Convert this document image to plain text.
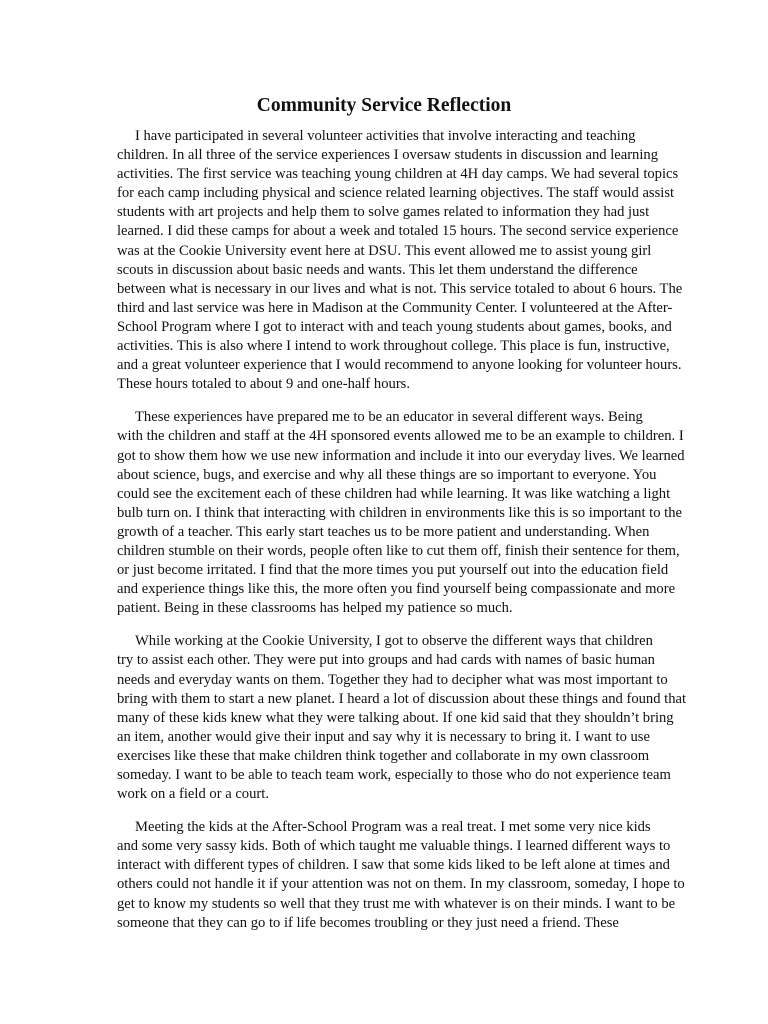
Community Service Reflection

I have participated in several volunteer activities that involve interacting and teaching
children. In all three of the service experiences I oversaw students in discussion and learning
activities. The first service was teaching young children at 4H day camps. We had several topics
for each camp including physical and science related learning objectives. The staff would assist
students with art projects and help them to solve games related to information they had just
learned. I did these camps for about a week and totaled 15 hours. The second service experience
was at the Cookie University event here at DSU. This event allowed me to assist young girl
scouts in discussion about basic needs and wants. This let them understand the difference
between what is necessary in our lives and what is not. This service totaled to about 6 hours. The
third and last service was here in Madison at the Community Center. I volunteered at the After-
School Program where I got to interact with and teach young students about games, books, and
activities. This is also where I intend to work throughout college. This place is fun, instructive,
and a great volunteer experience that I would recommend to anyone looking for volunteer hours.
These hours totaled to about 9 and one-half hours.

These experiences have prepared me to be an educator in several different ways. Being
with the children and staff at the 4H sponsored events allowed me to be an example to children. I
got to show them how we use new information and include it into our everyday lives. We learned
about science, bugs, and exercise and why all these things are so important to everyone. You
could see the excitement each of these children had while learning. It was like watching a light
bulb turn on. I think that interacting with children in environments like this is so important to the
growth of a teacher. This early start teaches us to be more patient and understanding. When
children stumble on their words, people often like to cut them off, finish their sentence for them,
or just become irritated. I find that the more times you put yourself out into the education field
and experience things like this, the more often you find yourself being compassionate and more
patient. Being in these classrooms has helped my patience so much.

While working at the Cookie University, I got to observe the different ways that children
try to assist each other. They were put into groups and had cards with names of basic human
needs and everyday wants on them. Together they had to decipher what was most important to
bring with them to start a new planet. I heard a lot of discussion about these things and found that
many of these kids knew what they were talking about. If one kid said that they shouldn’t bring
an item, another would give their input and say why it is necessary to bring it. I want to use
exercises like these that make children think together and collaborate in my own classroom
someday. I want to be able to teach team work, especially to those who do not experience team
work on a field or a court.

Meeting the kids at the After-School Program was a real treat. I met some very nice kids
and some very sassy kids. Both of which taught me valuable things. I learned different ways to
interact with different types of children. I saw that some kids liked to be left alone at times and
others could not handle it if your attention was not on them. In my classroom, someday, I hope to
get to know my students so well that they trust me with whatever is on their minds. I want to be
someone that they can go to if life becomes troubling or they just need a friend. These
